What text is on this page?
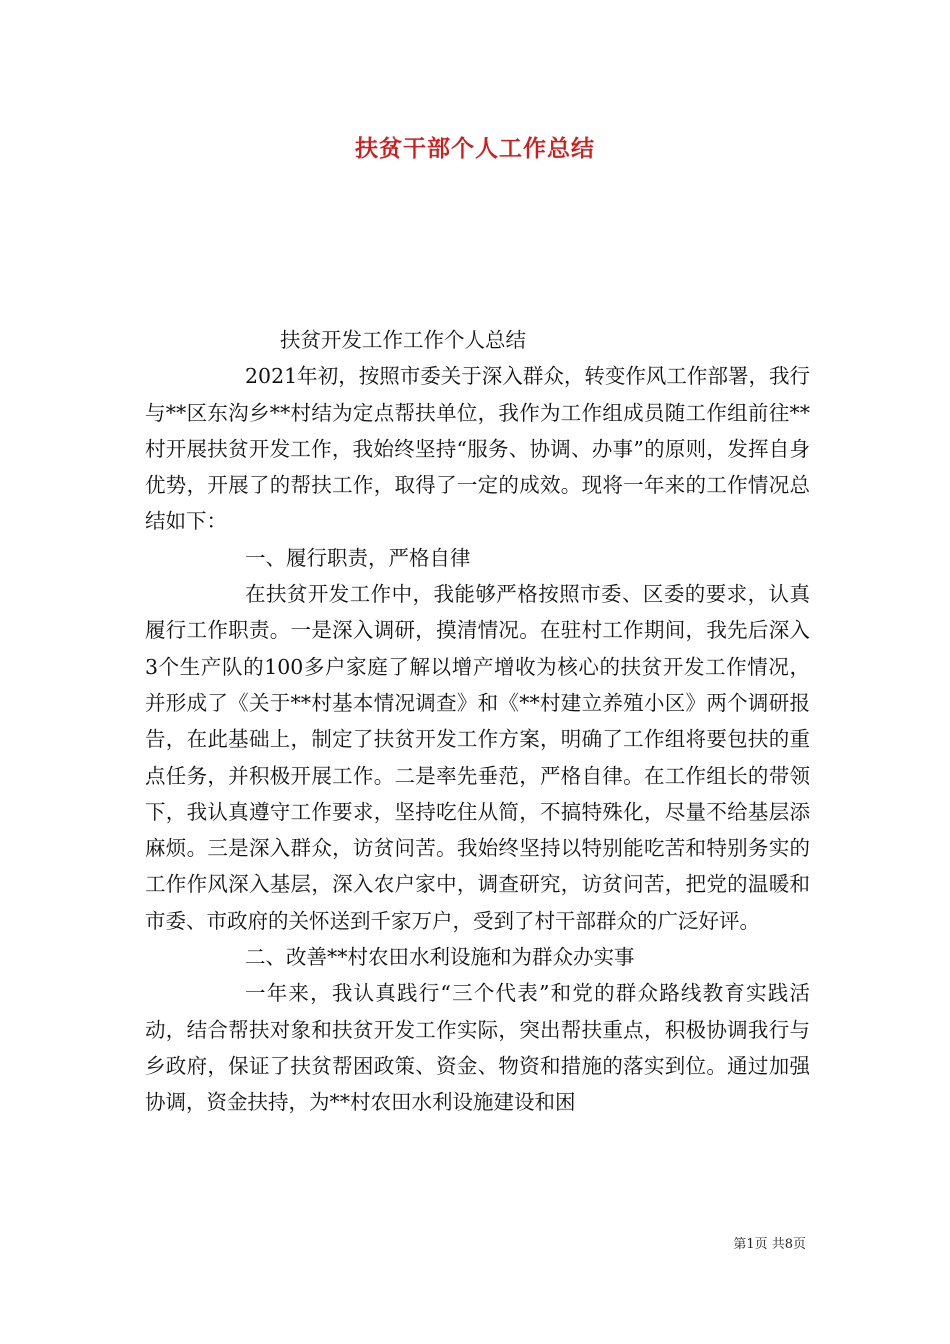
扶贫干部个人工作总结

扶贫开发工作工作个人总结

2021年初，按照市委关于深入群众，转变作风工作部署，我行与**区东沟乡**村结为定点帮扶单位，我作为工作组成员随工作组前往**村开展扶贫开发工作，我始终坚持“服务、协调、办事”的原则，发挥自身优势，开展了的帮扶工作，取得了一定的成效。现将一年来的工作情况总结如下：

一、履行职责，严格自律

在扶贫开发工作中，我能够严格按照市委、区委的要求，认真履行工作职责。一是深入调研，摸清情况。在驻村工作期间，我先后深入3个生产队的100多户家庭了解以增产增收为核心的扶贫开发工作情况，并形成了《关于**村基本情况调查》和《**村建立养殖小区》两个调研报告，在此基础上，制定了扶贫开发工作方案，明确了工作组将要包扶的重点任务，并积极开展工作。二是率先垂范，严格自律。在工作组长的带领下，我认真遵守工作要求，坚持吃住从简，不搞特殊化，尽量不给基层添麻烦。三是深入群众，访贫问苦。我始终坚持以特别能吃苦和特别务实的工作作风深入基层，深入农户家中，调查研究，访贫问苦，把党的温暖和市委、市政府的关怀送到千家万户，受到了村干部群众的广泛好评。

二、改善**村农田水利设施和为群众办实事

一年来，我认真践行“三个代表”和党的群众路线教育实践活动，结合帮扶对象和扶贫开发工作实际，突出帮扶重点，积极协调我行与乡政府，保证了扶贫帮困政策、资金、物资和措施的落实到位。通过加强协调，资金扶持，为**村农田水利设施建设和困

第1页 共8页
